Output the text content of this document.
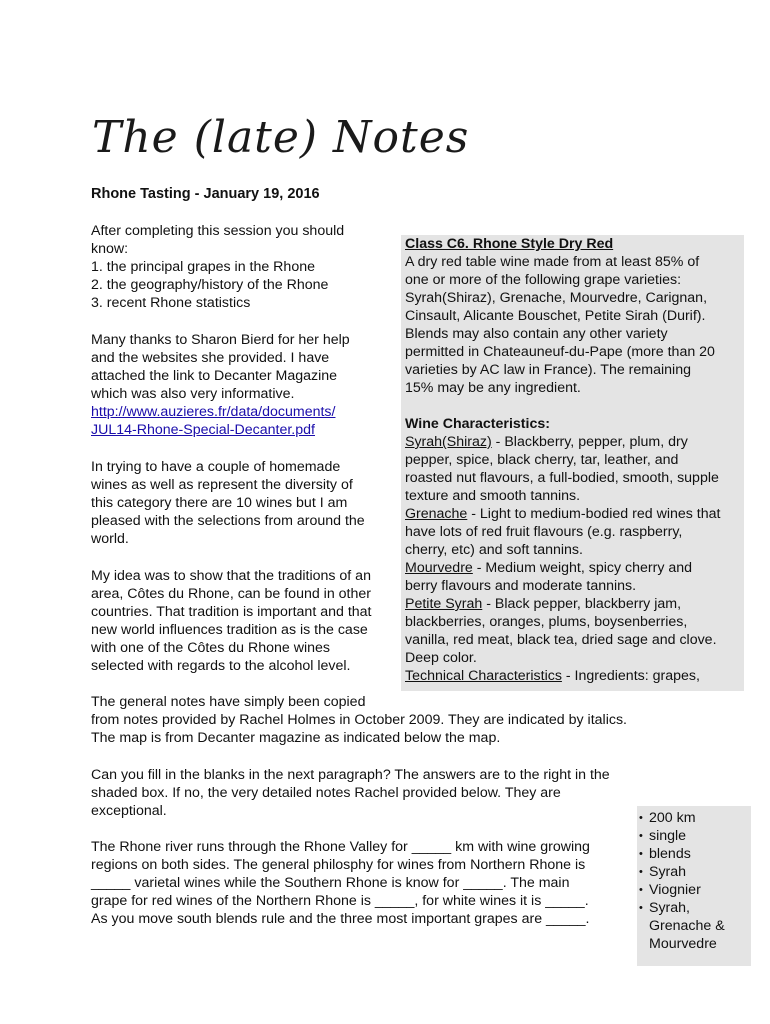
The (late) Notes

Rhone Tasting - January 19, 2016

After completing this session you should
know:
1. the principal grapes in the Rhone
2. the geography/history of the Rhone
3. recent Rhone statistics
Many thanks to Sharon Bierd for her help
and the websites she provided. I have
attached the link to Decanter Magazine
which was also very informative.
http://www.auzieres.fr/data/documents/
JUL14-Rhone-Special-Decanter.pdf
In trying to have a couple of homemade
wines as well as represent the diversity of
this category there are 10 wines but I am
pleased with the selections from around the
world.
My idea was to show that the traditions of an
area, Côtes du Rhone, can be found in other
countries. That tradition is important and that
new world influences tradition as is the case
with one of the Côtes du Rhone wines
selected with regards to the alcohol level.
The general notes have simply been copied
from notes provided by Rachel Holmes in October 2009. They are indicated by italics.
The map is from Decanter magazine as indicated below the map.
Can you fill in the blanks in the next paragraph? The answers are to the right in the
shaded box. If no, the very detailed notes Rachel provided below. They are
exceptional.
The Rhone river runs through the Rhone Valley for _____ km with wine growing
regions on both sides. The general philosphy for wines from Northern Rhone is
_____ varietal wines while the Southern Rhone is know for _____. The main
grape for red wines of the Northern Rhone is _____, for white wines it is _____.
As you move south blends rule and the three most important grapes are _____.
Class C6. Rhone Style Dry Red
A dry red table wine made from at least 85% of
one or more of the following grape varieties:
Syrah(Shiraz), Grenache, Mourvedre, Carignan,
Cinsault, Alicante Bouschet, Petite Sirah (Durif).
Blends may also contain any other variety
permitted in Chateauneuf-du-Pape (more than 20
varieties by AC law in France). The remaining
15% may be any ingredient.

Wine Characteristics:
Syrah(Shiraz) - Blackberry, pepper, plum, dry
pepper, spice, black cherry, tar, leather, and
roasted nut flavours, a full-bodied, smooth, supple
texture and smooth tannins.
Grenache - Light to medium-bodied red wines that
have lots of red fruit flavours (e.g. raspberry,
cherry, etc) and soft tannins.
Mourvedre - Medium weight, spicy cherry and
berry flavours and moderate tannins.
Petite Syrah - Black pepper, blackberry jam,
blackberries, oranges, plums, boysenberries,
vanilla, red meat, black tea, dried sage and clove.
Deep color.
Technical Characteristics - Ingredients: grapes,
• 200 km
• single
• blends
• Syrah
• Viognier
• Syrah, Grenache & Mourvedre
